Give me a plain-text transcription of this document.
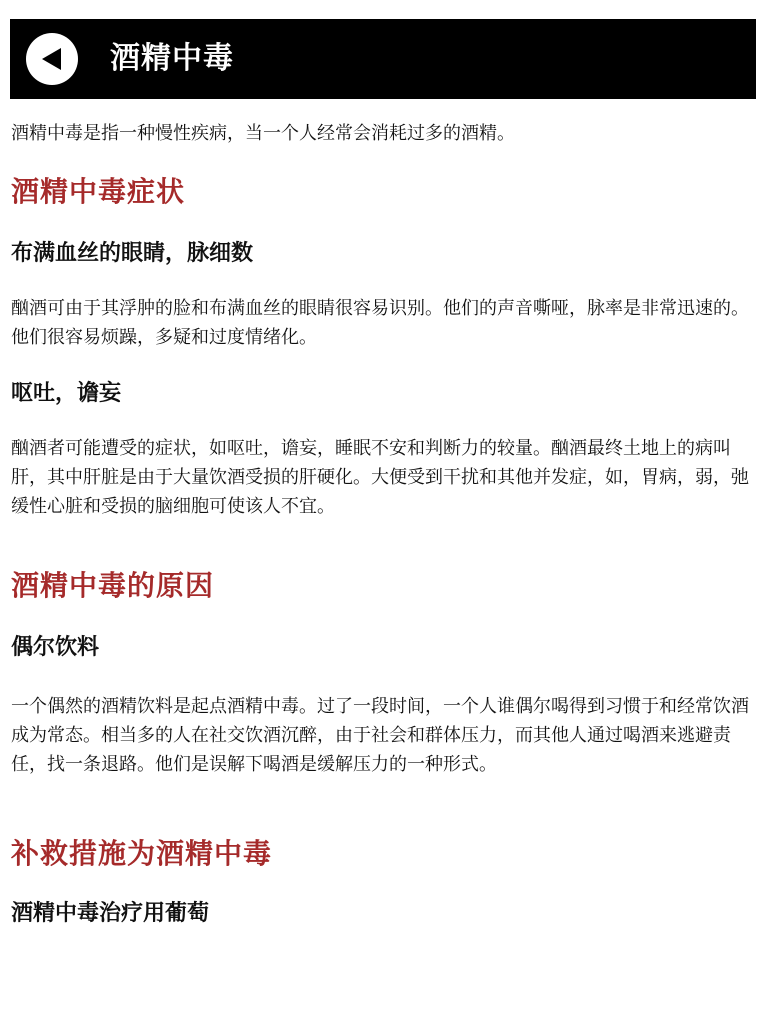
酒精中毒
酒精中毒是指一种慢性疾病，当一个人经常会消耗过多的酒精。
酒精中毒症状
布满血丝的眼睛，脉细数
酗酒可由于其浮肿的脸和布满血丝的眼睛很容易识别。他们的声音嘶哑，脉率是非常迅速的。他们很容易烦躁，多疑和过度情绪化。
呕吐，谵妄
酗酒者可能遭受的症状，如呕吐，谵妄，睡眠不安和判断力的较量。酗酒最终土地上的病叫肝，其中肝脏是由于大量饮酒受损的肝硬化。大便受到干扰和其他并发症，如，胃病，弱，弛缓性心脏和受损的脑细胞可使该人不宜。
酒精中毒的原因
偶尔饮料
一个偶然的酒精饮料是起点酒精中毒。过了一段时间，一个人谁偶尔喝得到习惯于和经常饮酒成为常态。相当多的人在社交饮酒沉醉，由于社会和群体压力，而其他人通过喝酒来逃避责任，找一条退路。他们是误解下喝酒是缓解压力的一种形式。
补救措施为酒精中毒
酒精中毒治疗用葡萄
